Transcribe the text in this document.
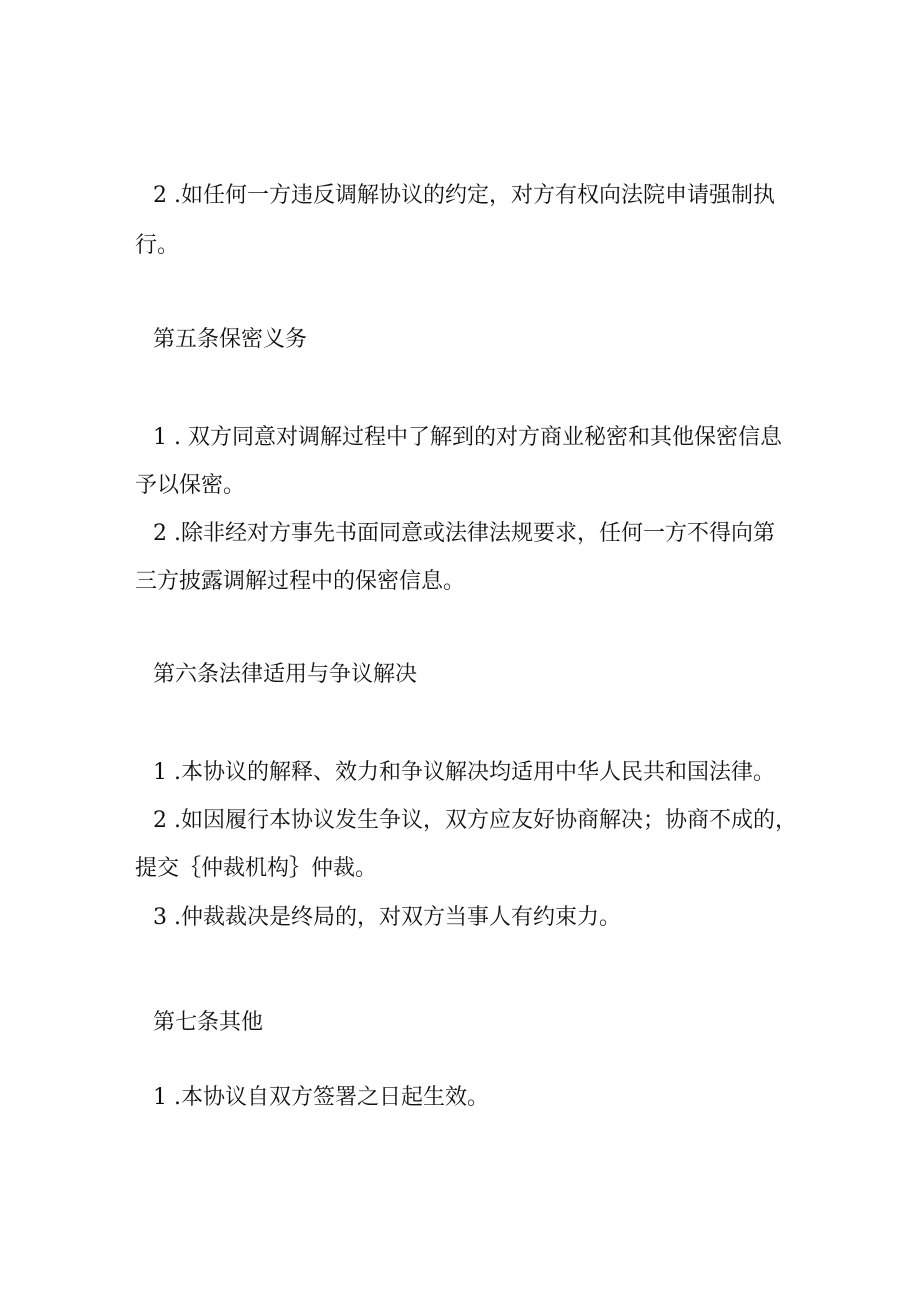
2 .如任何一方违反调解协议的约定，对方有权向法院申请强制执

行。

第五条保密义务

1 . 双方同意对调解过程中了解到的对方商业秘密和其他保密信息

予以保密。

2 .除非经对方事先书面同意或法律法规要求，任何一方不得向第

三方披露调解过程中的保密信息。

第六条法律适用与争议解决

1 .本协议的解释、效力和争议解决均适用中华人民共和国法律。

2 .如因履行本协议发生争议，双方应友好协商解决；协商不成的，

提交｛仲裁机构｝仲裁。

3 .仲裁裁决是终局的，对双方当事人有约束力。

第七条其他

1 .本协议自双方签署之日起生效。
